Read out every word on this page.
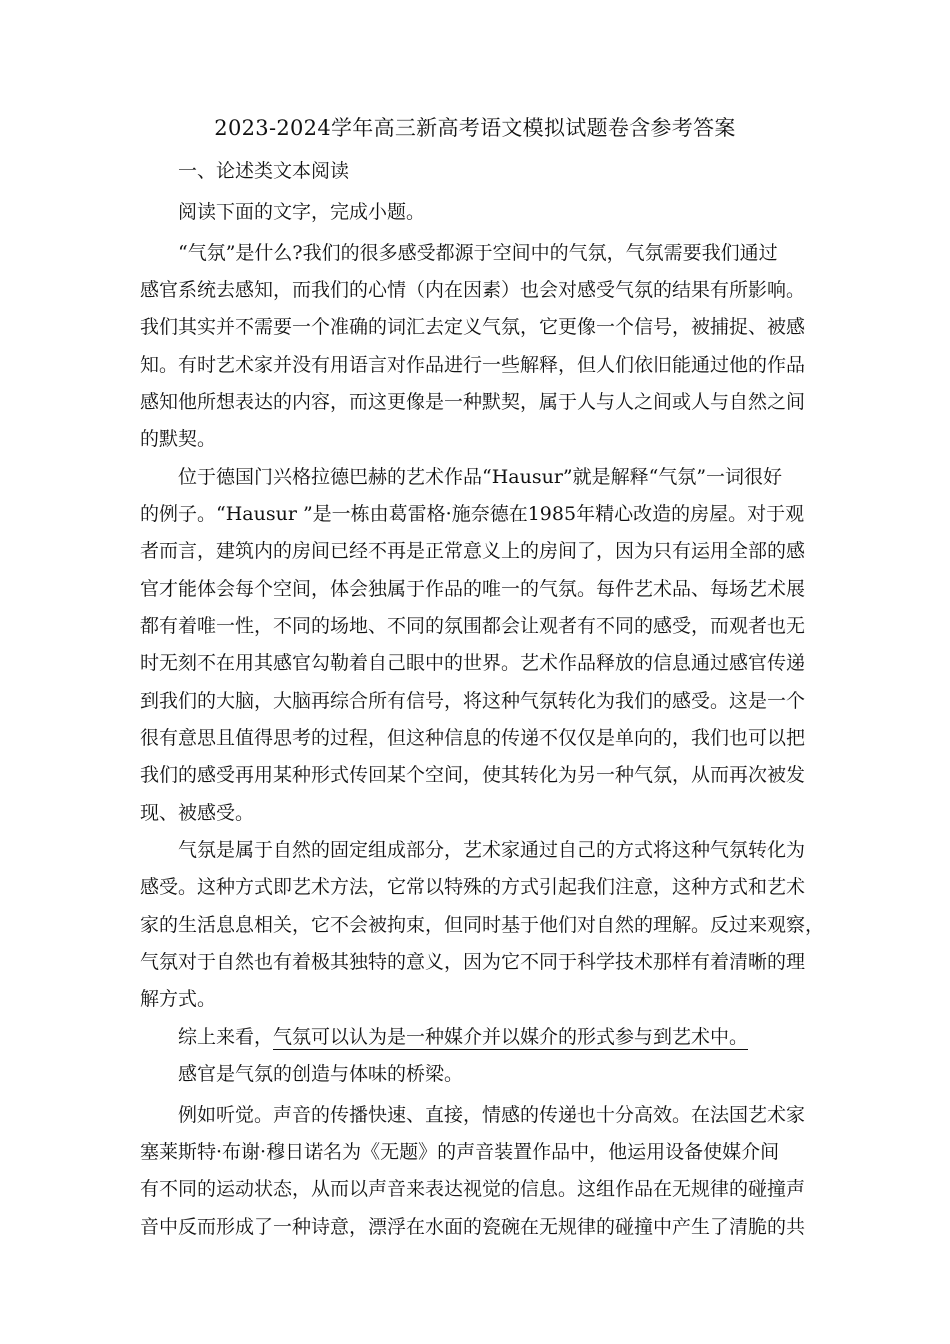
2023-2024学年高三新高考语文模拟试题卷含参考答案
　　一、论述类文本阅读
　　阅读下面的文字，完成小题。
　　“气氛”是什么?我们的很多感受都源于空间中的气氛，气氛需要我们通过
感官系统去感知，而我们的心情（内在因素）也会对感受气氛的结果有所影响。
我们其实并不需要一个准确的词汇去定义气氛，它更像一个信号，被捕捉、被感
知。有时艺术家并没有用语言对作品进行一些解释，但人们依旧能通过他的作品
感知他所想表达的内容，而这更像是一种默契，属于人与人之间或人与自然之间
的默契。
　　位于德国门兴格拉德巴赫的艺术作品“Hausur”就是解释“气氛”一词很好
的例子。“Hausur ”是一栋由葛雷格·施奈德在1985年精心改造的房屋。对于观
者而言，建筑内的房间已经不再是正常意义上的房间了，因为只有运用全部的感
官才能体会每个空间，体会独属于作品的唯一的气氛。每件艺术品、每场艺术展
都有着唯一性，不同的场地、不同的氛围都会让观者有不同的感受，而观者也无
时无刻不在用其感官勾勒着自己眼中的世界。艺术作品释放的信息通过感官传递
到我们的大脑，大脑再综合所有信号，将这种气氛转化为我们的感受。这是一个
很有意思且值得思考的过程，但这种信息的传递不仅仅是单向的，我们也可以把
我们的感受再用某种形式传回某个空间，使其转化为另一种气氛，从而再次被发
现、被感受。
　　气氛是属于自然的固定组成部分，艺术家通过自己的方式将这种气氛转化为
感受。这种方式即艺术方法，它常以特殊的方式引起我们注意，这种方式和艺术
家的生活息息相关，它不会被拘束，但同时基于他们对自然的理解。反过来观察，
气氛对于自然也有着极其独特的意义，因为它不同于科学技术那样有着清晰的理
解方式。
　　综上来看，气氛可以认为是一种媒介并以媒介的形式参与到艺术中。
　　感官是气氛的创造与体味的桥梁。
　　例如听觉。声音的传播快速、直接，情感的传递也十分高效。在法国艺术家
塞莱斯特·布谢·穆日诺名为《无题》的声音装置作品中，他运用设备使媒介间
有不同的运动状态，从而以声音来表达视觉的信息。这组作品在无规律的碰撞声
音中反而形成了一种诗意，漂浮在水面的瓷碗在无规律的碰撞中产生了清脆的共
